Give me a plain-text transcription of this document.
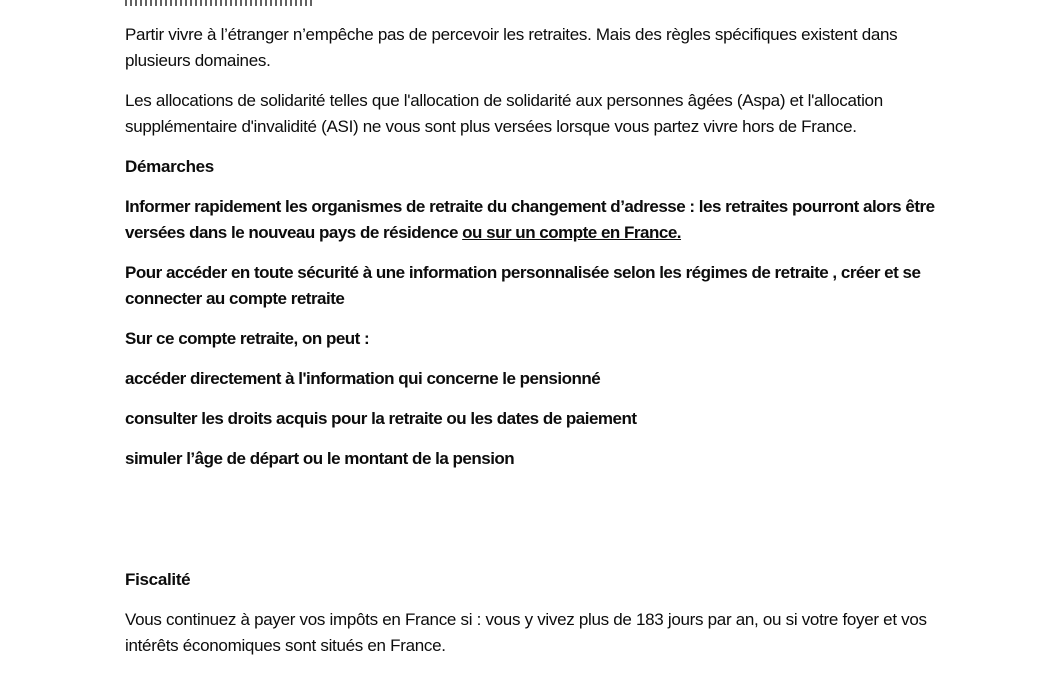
Partir vivre à l’étranger n’empêche pas de percevoir les retraites. Mais des règles spécifiques existent dans plusieurs domaines.

Les allocations de solidarité telles que l'allocation de solidarité aux personnes âgées (Aspa) et l'allocation supplémentaire d'invalidité (ASI) ne vous sont plus versées lorsque vous partez vivre hors de France.

Démarches

Informer rapidement les organismes de retraite du changement d’adresse : les retraites pourront alors être versées dans le nouveau pays de résidence ou sur un compte en France.

Pour accéder en toute sécurité à une information personnalisée selon les régimes de retraite , créer et se connecter au compte retraite

Sur ce compte retraite, on peut :

accéder directement à l'information qui concerne le pensionné

consulter les droits acquis pour la retraite ou les dates de paiement

simuler l’âge de départ ou le montant de la pension

Fiscalité

Vous continuez à payer vos impôts en France si : vous y vivez plus de 183 jours par an, ou si votre foyer et vos intérêts économiques sont situés en France.
